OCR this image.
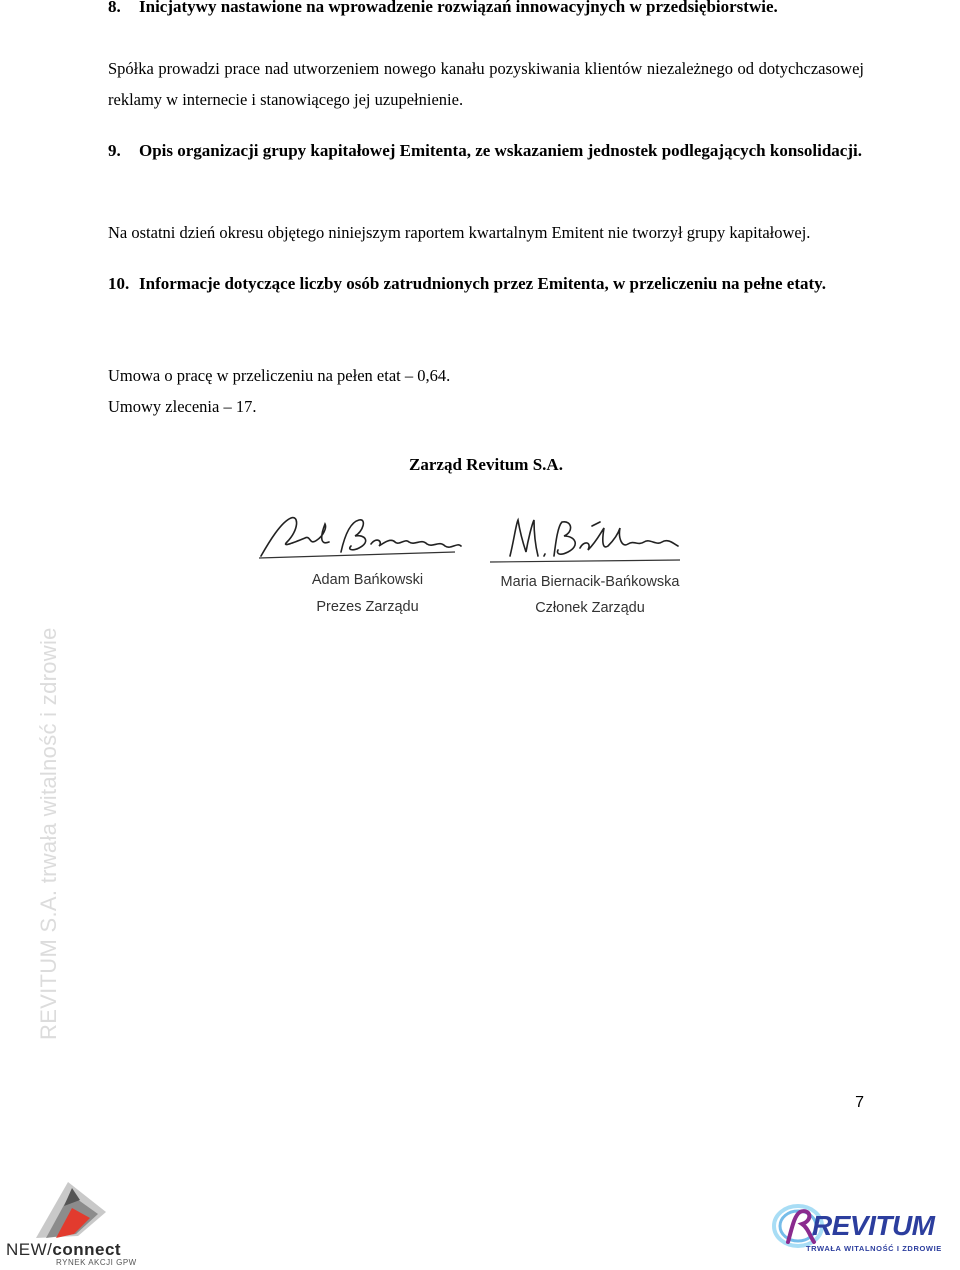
8.	Inicjatywy nastawione na wprowadzenie rozwiązań innowacyjnych w przedsiębiorstwie.
Spółka prowadzi prace nad utworzeniem nowego kanału pozyskiwania klientów niezależnego od dotychczasowej reklamy w internecie i stanowiącego jej uzupełnienie.
9.	Opis organizacji grupy kapitałowej Emitenta, ze wskazaniem jednostek podlegających konsolidacji.
Na ostatni dzień okresu objętego niniejszym raportem kwartalnym Emitent nie tworzył grupy kapitałowej.
10. Informacje dotyczące liczby osób zatrudnionych przez Emitenta, w przeliczeniu na pełne etaty.
Umowa o pracę w przeliczeniu na pełen etat – 0,64.
Umowy zlecenia – 17.
Zarząd Revitum S.A.
Adam Bańkowski
Prezes Zarządu
Maria Biernacik-Bańkowska
Członek Zarządu
REVITUM S.A. trwała witalność i zdrowie
7
NEW/connect
RYNEK AKCJI GPW
REVITUM
TRWAŁA WITALNOŚĆ I ZDROWIE
